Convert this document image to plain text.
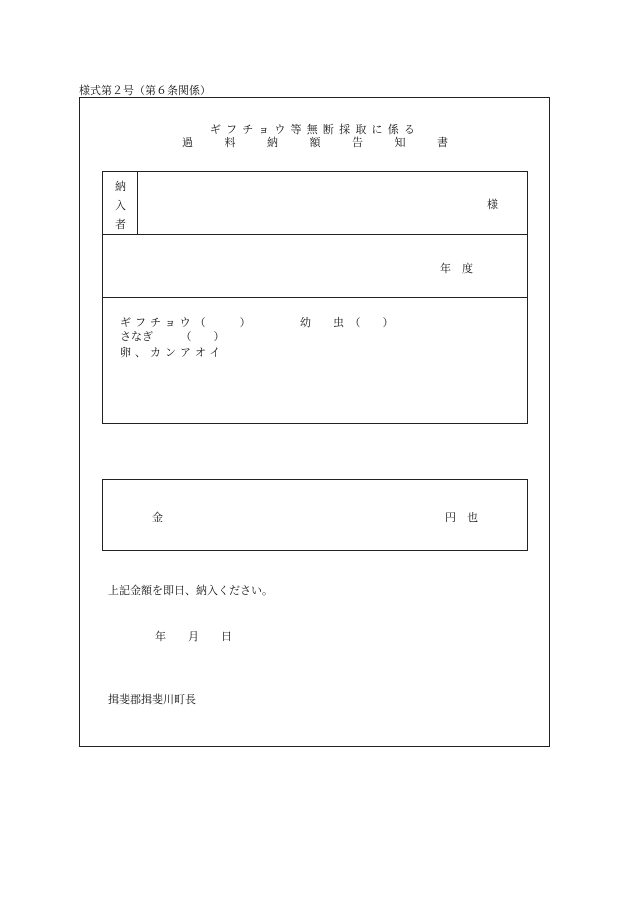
様式第２号（第６条関係）
ギフチョウ等無断採取に係る
過 料 納 額 告 知 書
納
入
者
様
年　度
ギフチョウ（　　）	幼　　虫　（　　）
さなぎ　　　（　　）
卵、カンアオイ
金	円　也
上記金額を即日、納入ください。
年　　月　　日
揖斐郡揖斐川町長
